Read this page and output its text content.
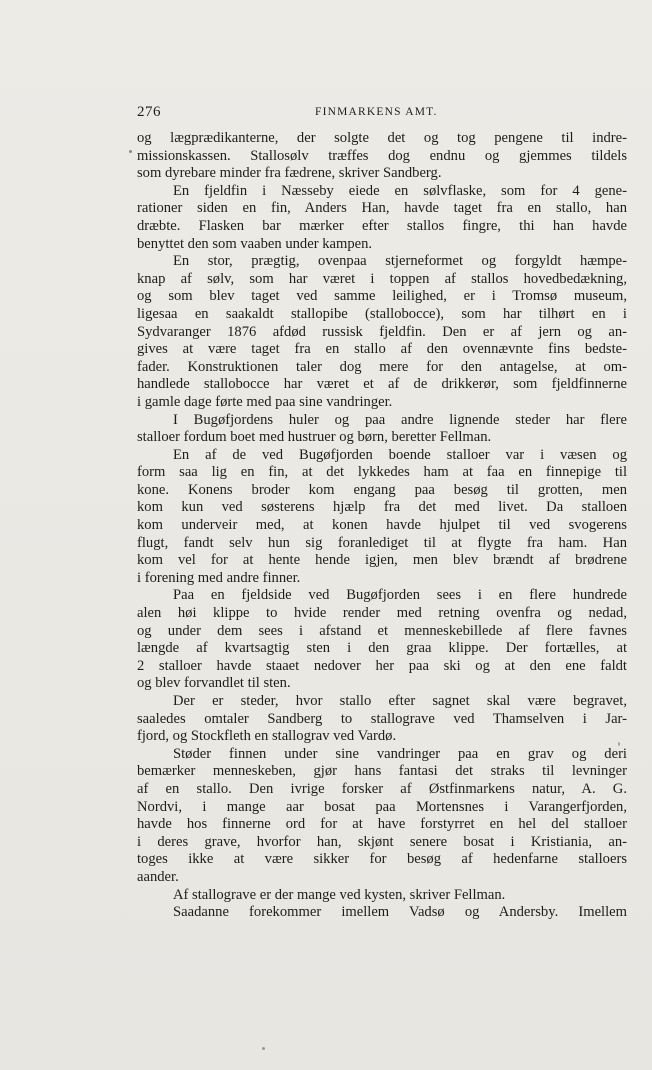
276	FINMARKENS AMT.
og lægprædikanterne, der solgte det og tog pengene til indre-
missionskassen. Stallosølv træffes dog endnu og gjemmes tildels
som dyrebare minder fra fædrene, skriver Sandberg.
En fjeldfin i Næsseby eiede en sølvflaske, som for 4 gene-
rationer siden en fin, Anders Han, havde taget fra en stallo, han
dræbte. Flasken bar mærker efter stallos fingre, thi han havde
benyttet den som vaaben under kampen.
En stor, prægtig, ovenpaa stjerneformet og forgyldt hæmpe-
knap af sølv, som har været i toppen af stallos hovedbedækning,
og som blev taget ved samme leilighed, er i Tromsø museum,
ligesaa en saakaldt stallopibe (stallobocce), som har tilhørt en i
Sydvaranger 1876 afdød russisk fjeldfin. Den er af jern og an-
gives at være taget fra en stallo af den ovennævnte fins bedste-
fader. Konstruktionen taler dog mere for den antagelse, at om-
handlede stallobocce har været et af de drikkerør, som fjeldfinnerne
i gamle dage førte med paa sine vandringer.
I Bugøfjordens huler og paa andre lignende steder har flere
stalloer fordum boet med hustruer og børn, beretter Fellman.
En af de ved Bugøfjorden boende stalloer var i væsen og
form saa lig en fin, at det lykkedes ham at faa en finnepige til
kone. Konens broder kom engang paa besøg til grotten, men
kom kun ved søsterens hjælp fra det med livet. Da stalloen
kom underveir med, at konen havde hjulpet til ved svogerens
flugt, fandt selv hun sig foranlediget til at flygte fra ham. Han
kom vel for at hente hende igjen, men blev brændt af brødrene
i forening med andre finner.
Paa en fjeldside ved Bugøfjorden sees i en flere hundrede
alen høi klippe to hvide render med retning ovenfra og nedad,
og under dem sees i afstand et menneskebillede af flere favnes
længde af kvartsagtig sten i den graa klippe. Der fortælles, at
2 stalloer havde staaet nedover her paa ski og at den ene faldt
og blev forvandlet til sten.
Der er steder, hvor stallo efter sagnet skal være begravet,
saaledes omtaler Sandberg to stallograve ved Thamselven i Jar-
fjord, og Stockfleth en stallograv ved Vardø.
Støder finnen under sine vandringer paa en grav og deri
bemærker menneskeben, gjør hans fantasi det straks til levninger
af en stallo. Den ivrige forsker af Østfinmarkens natur, A. G.
Nordvi, i mange aar bosat paa Mortensnes i Varangerfjorden,
havde hos finnerne ord for at have forstyrret en hel del stalloer
i deres grave, hvorfor han, skjønt senere bosat i Kristiania, an-
toges ikke at være sikker for besøg af hedenfarne stalloers
aander.
Af stallograve er der mange ved kysten, skriver Fellman.
Saadanne forekommer imellem Vadsø og Andersby. Imellem
